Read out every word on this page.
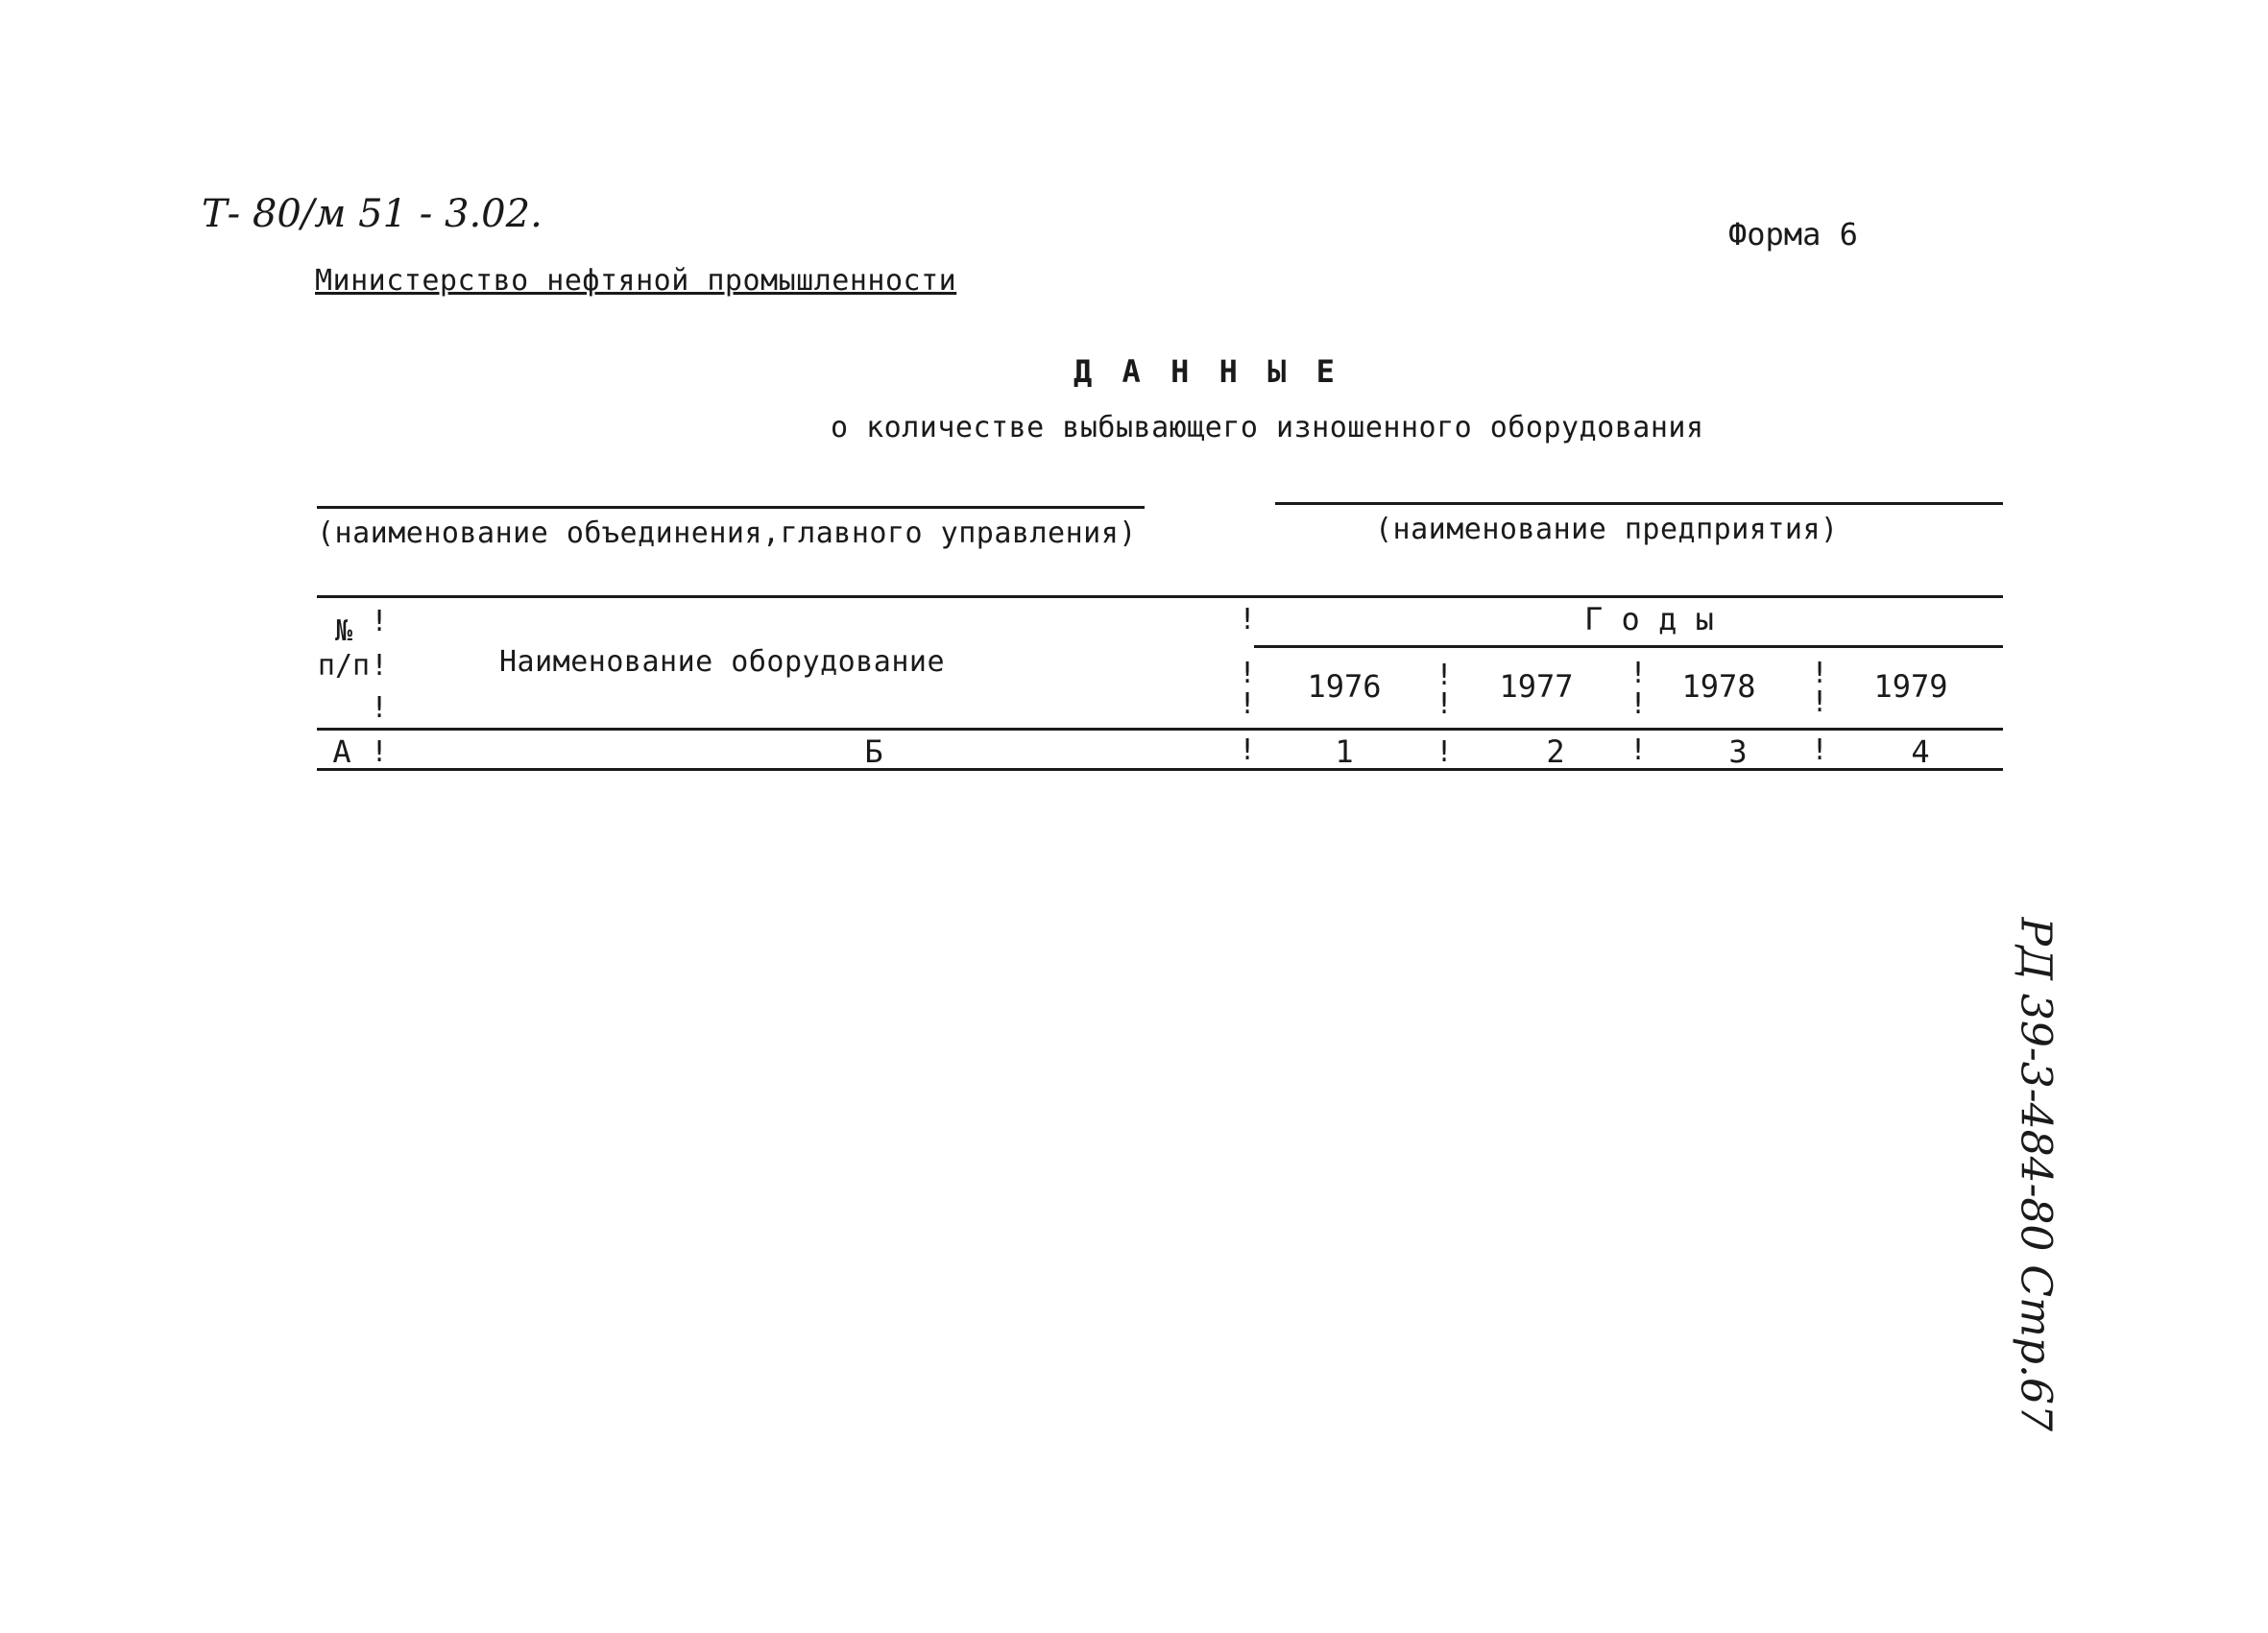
Т- 80/м 51 - 3.02.	Форма 6
Министерство нефтяной промышленности
Д А Н Н Ы Е
о количестве выбывающего изношенного оборудования
(наименование объединения,главного управления)	(наименование предприятия)
№
п/п	Наименование оборудование
Г о д ы
1976	1977	1978	1979
!
!
!
!
!
!
!
!
!
!
!
!
А	Б	1	2	3	4
!	!	!	!	!
РД 39-3-484-80 Стр.67
